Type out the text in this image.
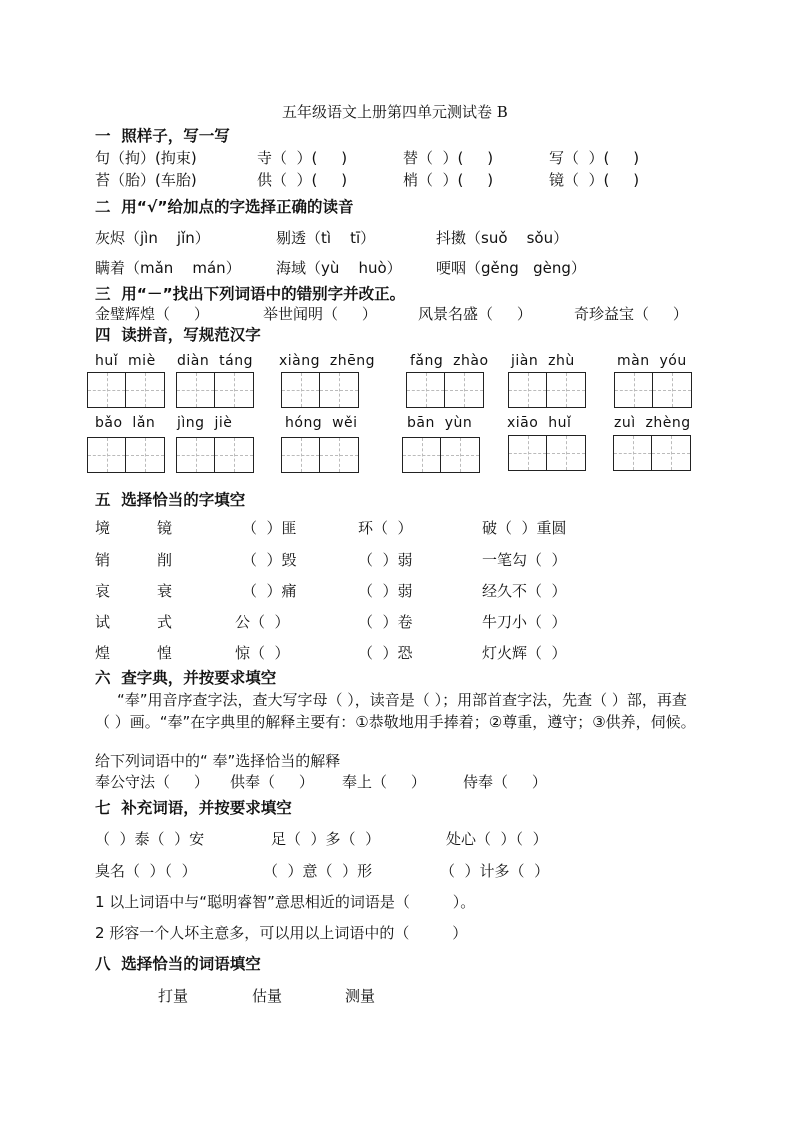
五年级语文上册第四单元测试卷 B
一  照样子，写一写
句（拘）(拘束)	寺（  ）(     )	替（  ）(     )	写（  ）(     )
苔（胎）(车胎)	供（  ）(     )	梢（  ）(     )	镜（  ）(     )
二  用“√”给加点的字选择正确的读音
灰烬（jìn    jǐn）	剔透（tì    tī）	抖擞（suǒ    sǒu）
瞒着（mǎn    mán） 海域（yù    huò） 哽咽（gěng   gèng）
三  用“－”找出下列词语中的错别字并改正。
金璧辉煌（     ）	举世闻明（     ）	风景名盛（     ）	奇珍益宝（     ）
四  读拼音，写规范汉字
huǐ  miè diàn  táng xiàng  zhēng fǎng  zhào jiàn  zhù	màn  yóu
bǎo  lǎn jìng  jiè	hóng  wěi	bān  yùn xiāo  huǐ	zuì  zhèng
五  选择恰当的字填空
境	镜	（  ）匪	环（  ）	破（  ）重圆
销	削	（  ）毁	（  ）弱	一笔勾（  ）
哀	衰	（  ）痛	（  ）弱	经久不（  ）
试	式	公（  ）	（  ）卷	牛刀小（  ）
煌	惶	惊（  ）	（  ）恐	灯火辉（  ）
六  查字典，并按要求填空
“奉”用音序查字法，查大写字母（ ），读音是（ ）；用部首查字法，先查（ ）部，再查（ ）画。“奉”在字典里的解释主要有：①恭敬地用手捧着；②尊重，遵守；③供养，伺候。
给下列词语中的“ 奉”选择恰当的解释
奉公守法（     ） 供奉（     ） 奉上（     ） 侍奉（     ）
七  补充词语，并按要求填空
（  ）泰（  ）安	足（  ）多（  ）	处心（  ）（  ）
臭名（  ）（  ）	（  ）意（  ）形	（  ）计多（  ）
1 以上词语中与“聪明睿智”意思相近的词语是（         ）。
2 形容一个人坏主意多，可以用以上词语中的（         ）
八  选择恰当的词语填空
打量	估量	测量
